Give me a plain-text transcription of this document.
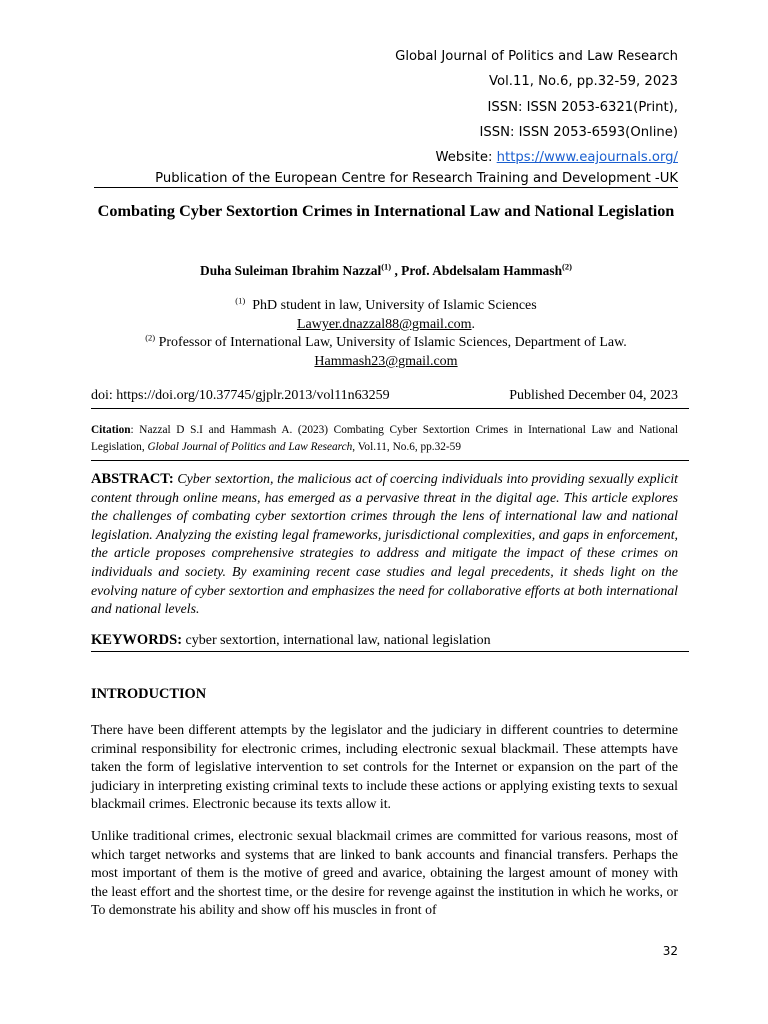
Global Journal of Politics and Law Research
Vol.11, No.6, pp.32-59, 2023
ISSN: ISSN 2053-6321(Print),
ISSN: ISSN 2053-6593(Online)
Website: https://www.eajournals.org/
Publication of the European Centre for Research Training and Development -UK
Combating Cyber Sextortion Crimes in International Law and National Legislation
Duha Suleiman Ibrahim Nazzal$^{(1)}$ , Prof. Abdelsalam Hammash$^{(2)}$
$^{(1)}$ PhD student in law, University of Islamic Sciences
Lawyer.dnazzal88@gmail.com.
$^{(2)}$ Professor of International Law, University of Islamic Sciences, Department of Law.
Hammash23@gmail.com
doi: https://doi.org/10.37745/gjplr.2013/vol11n63259	Published December 04, 2023
Citation: Nazzal D S.I and Hammash A. (2023) Combating Cyber Sextortion Crimes in International Law and National Legislation, Global Journal of Politics and Law Research, Vol.11, No.6, pp.32-59
ABSTRACT: Cyber sextortion, the malicious act of coercing individuals into providing sexually explicit content through online means, has emerged as a pervasive threat in the digital age. This article explores the challenges of combating cyber sextortion crimes through the lens of international law and national legislation. Analyzing the existing legal frameworks, jurisdictional complexities, and gaps in enforcement, the article proposes comprehensive strategies to address and mitigate the impact of these crimes on individuals and society. By examining recent case studies and legal precedents, it sheds light on the evolving nature of cyber sextortion and emphasizes the need for collaborative efforts at both international and national levels.
KEYWORDS: cyber sextortion, international law, national legislation
INTRODUCTION
There have been different attempts by the legislator and the judiciary in different countries to determine criminal responsibility for electronic crimes, including electronic sexual blackmail. These attempts have taken the form of legislative intervention to set controls for the Internet or expansion on the part of the judiciary in interpreting existing criminal texts to include these actions or applying existing texts to sexual blackmail crimes. Electronic because its texts allow it.
Unlike traditional crimes, electronic sexual blackmail crimes are committed for various reasons, most of which target networks and systems that are linked to bank accounts and financial transfers. Perhaps the most important of them is the motive of greed and avarice, obtaining the largest amount of money with the least effort and the shortest time, or the desire for revenge against the institution in which he works, or To demonstrate his ability and show off his muscles in front of
32
